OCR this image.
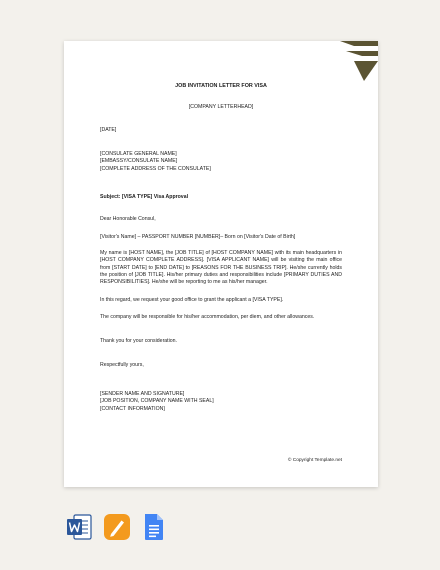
JOB INVITATION LETTER FOR VISA
[COMPANY LETTERHEAD]

[DATE]

[CONSULATE GENERAL NAME]
[EMBASSY/CONSULATE NAME]
[COMPLETE ADDRESS OF THE CONSULATE]

Subject: [VISA TYPE] Visa Approval

Dear Honorable Consul,

[Visitor's Name] – PASSPORT NUMBER [NUMBER]– Born on [Visitor's Date of Birth]

My name is [HOST NAME], the [JOB TITLE] of [HOST COMPANY NAME] with its main headquarters in [HOST COMPANY COMPLETE ADDRESS]. [VISA APPLICANT NAME] will be visiting the main office from [START DATE] to [END DATE] to [REASONS FOR THE BUSINESS TRIP]. He/she currently holds the position of [JOB TITLE]. His/her primary duties and responsibilities include [PRIMARY DUTIES AND RESPONSIBILITIES]. He/she will be reporting to me as his/her manager.

In this regard, we request your good office to grant the applicant a [VISA TYPE].

The company will be responsible for his/her accommodation, per diem, and other allowances.

Thank you for your consideration.

Respectfully yours,

[SENDER NAME AND SIGNATURE]
[JOB POSITION, COMPANY NAME WITH SEAL]
[CONTACT INFORMATION]
© Copyright Template.net
